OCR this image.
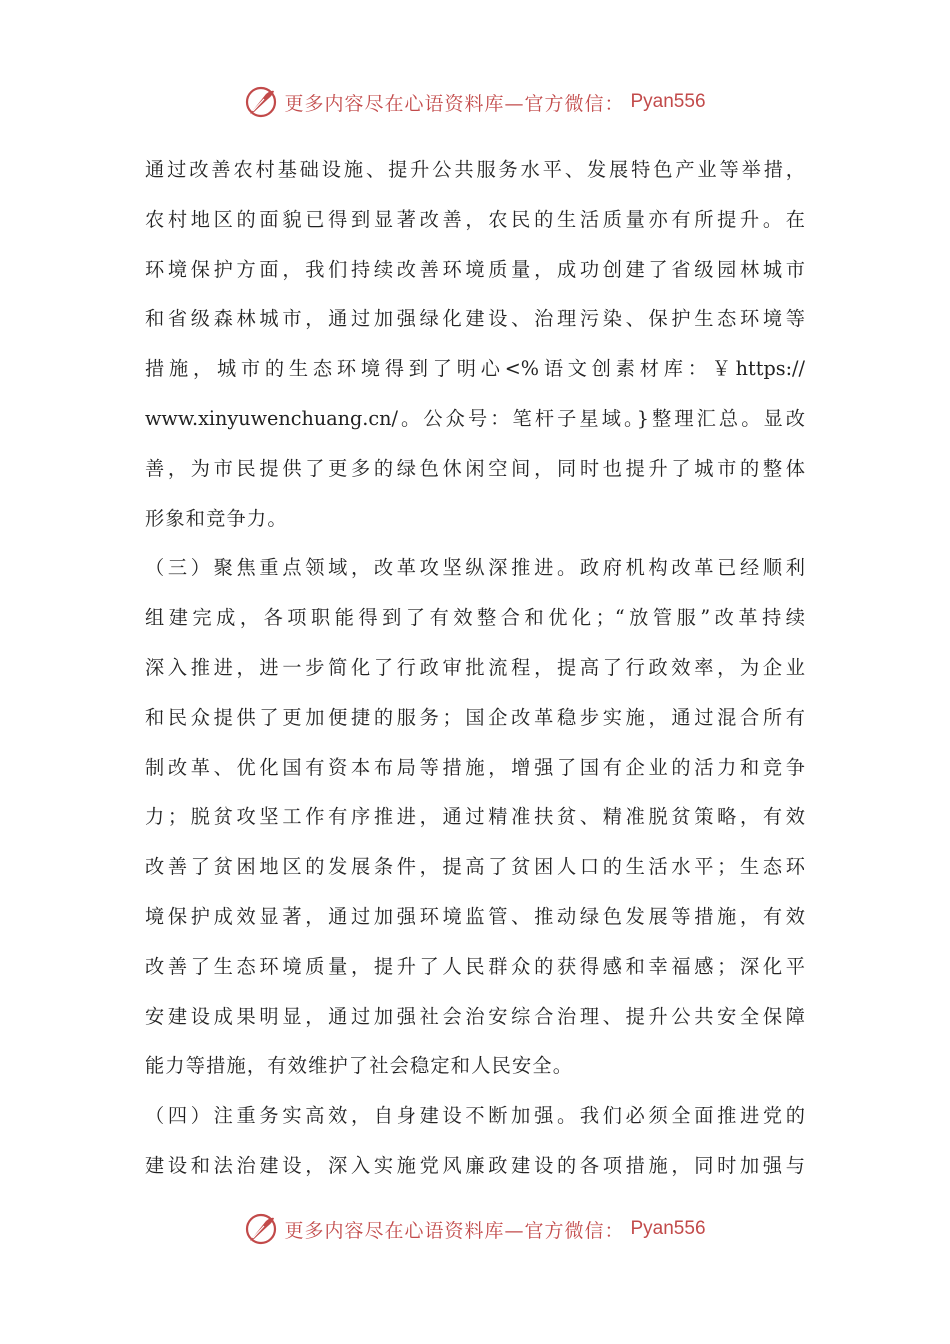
更多内容尽在心语资料库—官方微信： Pyan556
通过改善农村基础设施、提升公共服务水平、发展特色产业等举措，
农村地区的面貌已得到显著改善，农民的生活质量亦有所提升。在
环境保护方面，我们持续改善环境质量，成功创建了省级园林城市
和省级森林城市，通过加强绿化建设、治理污染、保护生态环境等
措施，城市的生态环境得到了明心<%语文创素材库：￥https://
www.xinyuwenchuang.cn/。公众号：笔杆子星域。}整理汇总。显改
善，为市民提供了更多的绿色休闲空间，同时也提升了城市的整体
形象和竞争力。
（三）聚焦重点领域，改革攻坚纵深推进。政府机构改革已经顺利
组建完成，各项职能得到了有效整合和优化；“放管服”改革持续
深入推进，进一步简化了行政审批流程，提高了行政效率，为企业
和民众提供了更加便捷的服务；国企改革稳步实施，通过混合所有
制改革、优化国有资本布局等措施，增强了国有企业的活力和竞争
力；脱贫攻坚工作有序推进，通过精准扶贫、精准脱贫策略，有效
改善了贫困地区的发展条件，提高了贫困人口的生活水平；生态环
境保护成效显著，通过加强环境监管、推动绿色发展等措施，有效
改善了生态环境质量，提升了人民群众的获得感和幸福感；深化平
安建设成果明显，通过加强社会治安综合治理、提升公共安全保障
能力等措施，有效维护了社会稳定和人民安全。
（四）注重务实高效，自身建设不断加强。我们必须全面推进党的
建设和法治建设，深入实施党风廉政建设的各项措施，同时加强与
更多内容尽在心语资料库—官方微信： Pyan556
